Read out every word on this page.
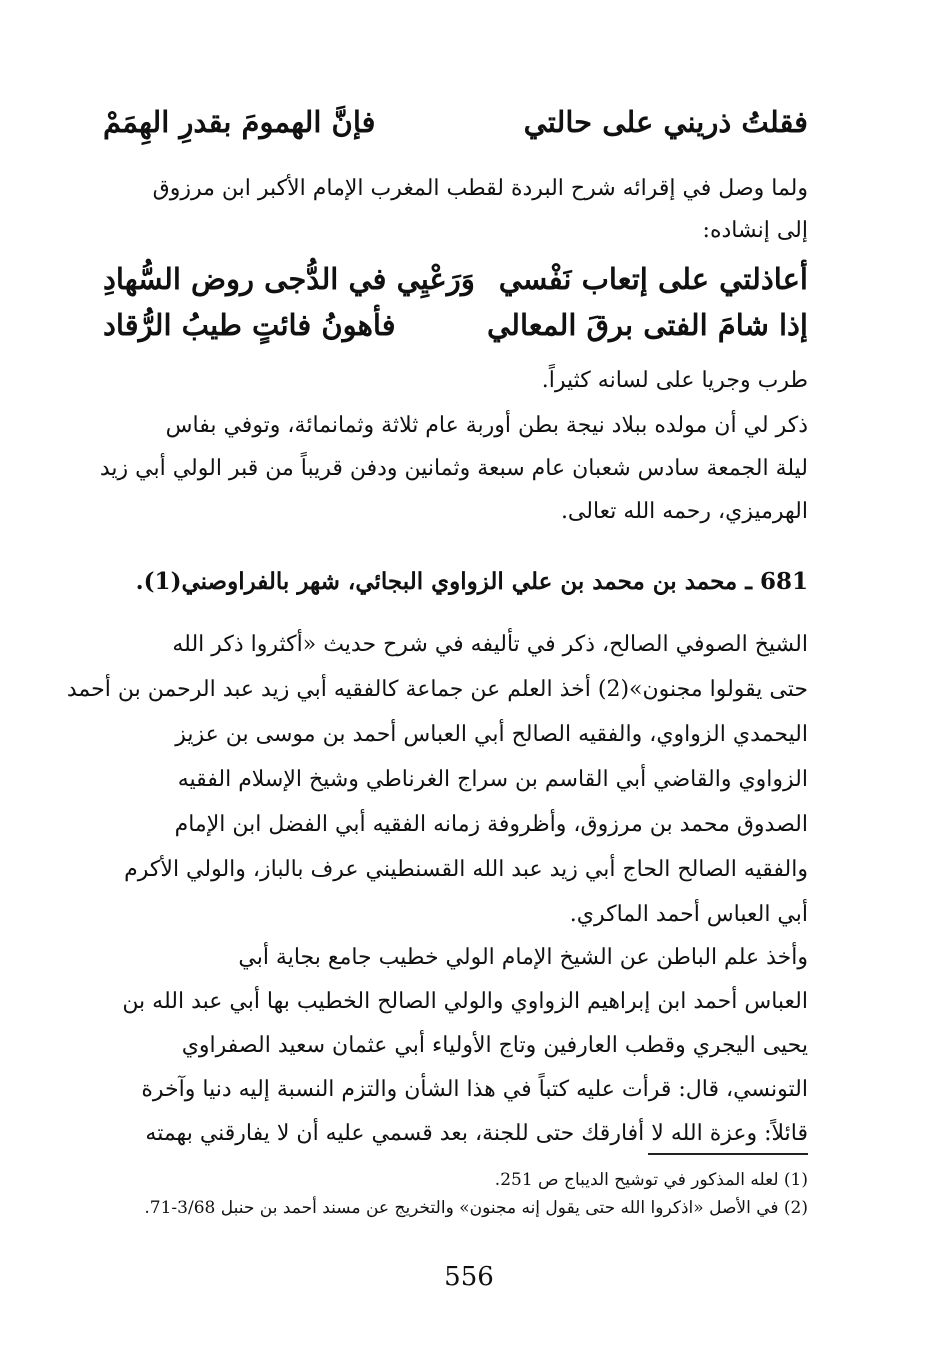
فقلتُ ذريني على حالتي
فإنَّ الهمومَ بقدرِ الهِمَمْ
ولما وصل في إقرائه شرح البردة لقطب المغرب الإمام الأكبر ابن مرزوق
إلى إنشاده:
أعاذلتي على إتعاب نَفْسي
وَرَعْيِي في الدُّجى روض السُّهادِ
إذا شامَ الفتى برقَ المعالي
فأهونُ فائتٍ طيبُ الرُّقاد
طرب وجريا على لسانه كثيراً.
ذكر لي أن مولده ببلاد نيجة بطن أوربة عام ثلاثة وثمانمائة، وتوفي بفاس
ليلة الجمعة سادس شعبان عام سبعة وثمانين ودفن قريباً من قبر الولي أبي زيد
الهرميزي، رحمه الله تعالى.
681 ـ محمد بن محمد بن علي الزواوي البجائي، شهر بالفراوصني(1).
الشيخ الصوفي الصالح، ذكر في تأليفه في شرح حديث «أكثروا ذكر الله
حتى يقولوا مجنون»(2) أخذ العلم عن جماعة كالفقيه أبي زيد عبد الرحمن بن أحمد
اليحمدي الزواوي، والفقيه الصالح أبي العباس أحمد بن موسى بن عزيز
الزواوي والقاضي أبي القاسم بن سراج الغرناطي وشيخ الإسلام الفقيه
الصدوق محمد بن مرزوق، وأظروفة زمانه الفقيه أبي الفضل ابن الإمام
والفقيه الصالح الحاج أبي زيد عبد الله القسنطيني عرف بالباز، والولي الأكرم
أبي العباس أحمد الماكري.
وأخذ علم الباطن عن الشيخ الإمام الولي خطيب جامع بجاية أبي
العباس أحمد ابن إبراهيم الزواوي والولي الصالح الخطيب بها أبي عبد الله بن
يحيى اليجري وقطب العارفين وتاج الأولياء أبي عثمان سعيد الصفراوي
التونسي، قال: قرأت عليه كتباً في هذا الشأن والتزم النسبة إليه دنيا وآخرة
قائلاً: وعزة الله لا أفارقك حتى للجنة، بعد قسمي عليه أن لا يفارقني بهمته
(1) لعله المذكور في توشيح الديباج ص 251.
(2) في الأصل «اذكروا الله حتى يقول إنه مجنون» والتخريج عن مسند أحمد بن حنبل 3/68-71.
556
